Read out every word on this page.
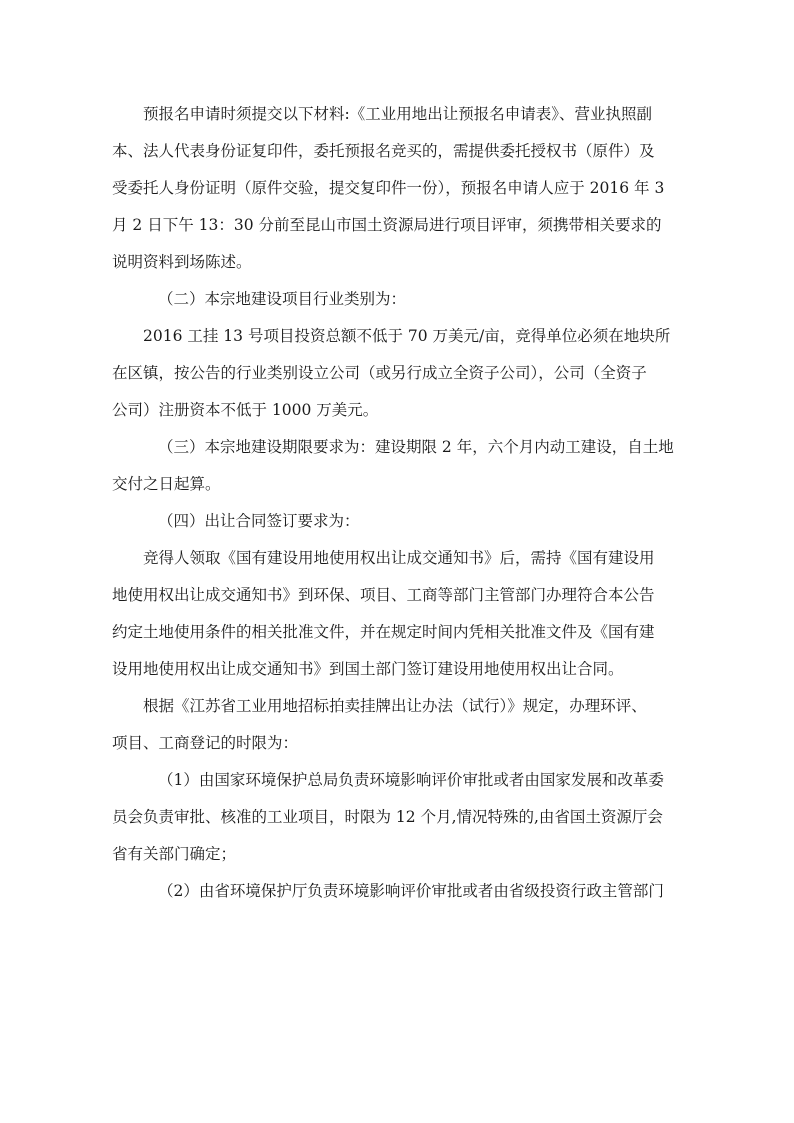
预报名申请时须提交以下材料:《工业用地出让预报名申请表》、营业执照副
本、法人代表身份证复印件，委托预报名竞买的，需提供委托授权书（原件）及
受委托人身份证明（原件交验，提交复印件一份），预报名申请人应于 2016 年 3
月 2 日下午 13：30 分前至昆山市国土资源局进行项目评审，须携带相关要求的
说明资料到场陈述。

（二）本宗地建设项目行业类别为：

2016 工挂 13 号项目投资总额不低于 70 万美元/亩，竞得单位必须在地块所
在区镇，按公告的行业类别设立公司（或另行成立全资子公司），公司（全资子
公司）注册资本不低于 1000 万美元。

（三）本宗地建设期限要求为：建设期限 2 年，六个月内动工建设，自土地
交付之日起算。

（四）出让合同签订要求为：

竞得人领取《国有建设用地使用权出让成交通知书》后，需持《国有建设用
地使用权出让成交通知书》到环保、项目、工商等部门主管部门办理符合本公告
约定土地使用条件的相关批准文件，并在规定时间内凭相关批准文件及《国有建
设用地使用权出让成交通知书》到国土部门签订建设用地使用权出让合同。

根据《江苏省工业用地招标拍卖挂牌出让办法（试行）》规定，办理环评、
项目、工商登记的时限为：

（1）由国家环境保护总局负责环境影响评价审批或者由国家发展和改革委
员会负责审批、核准的工业项目，时限为 12 个月,情况特殊的,由省国土资源厅会
省有关部门确定；

（2）由省环境保护厅负责环境影响评价审批或者由省级投资行政主管部门
